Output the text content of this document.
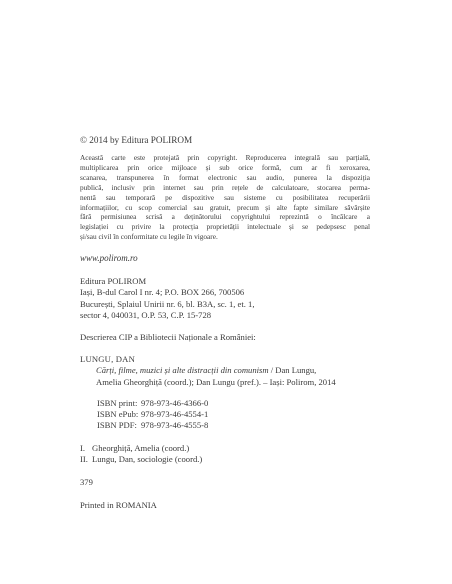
© 2014 by Editura POLIROM

Această carte este protejată prin copyright. Reproducerea integrală sau parțială,
multiplicarea prin orice mijloace și sub orice formă, cum ar fi xeroxarea,
scanarea, transpunerea în format electronic sau audio, punerea la dispoziția
publică, inclusiv prin internet sau prin rețele de calculatoare, stocarea perma-
nentă sau temporară pe dispozitive sau sisteme cu posibilitatea recuperării
informațiilor, cu scop comercial sau gratuit, precum și alte fapte similare săvârșite
fără permisiunea scrisă a deținătorului copyrightului reprezintă o încălcare a
legislației cu privire la protecția proprietății intelectuale și se pedepsesc penal
și/sau civil în conformitate cu legile în vigoare.

www.polirom.ro

Editura POLIROM
Iași, B-dul Carol I nr. 4; P.O. BOX 266, 700506
București, Splaiul Unirii nr. 6, bl. B3A, sc. 1, et. 1,
sector 4, 040031, O.P. 53, C.P. 15-728

Descrierea CIP a Bibliotecii Naționale a României:

LUNGU, DAN

Cărți, filme, muzici și alte distracții din comunism / Dan Lungu,
Amelia Gheorghiță (coord.); Dan Lungu (pref.). – Iași: Polirom, 2014
ISBN print: 978-973-46-4366-0
ISBN ePub: 978-973-46-4554-1
ISBN PDF: 978-973-46-4555-8
I. Gheorghiță, Amelia (coord.)
II. Lungu, Dan, sociologie (coord.)

379

Printed in ROMANIA
